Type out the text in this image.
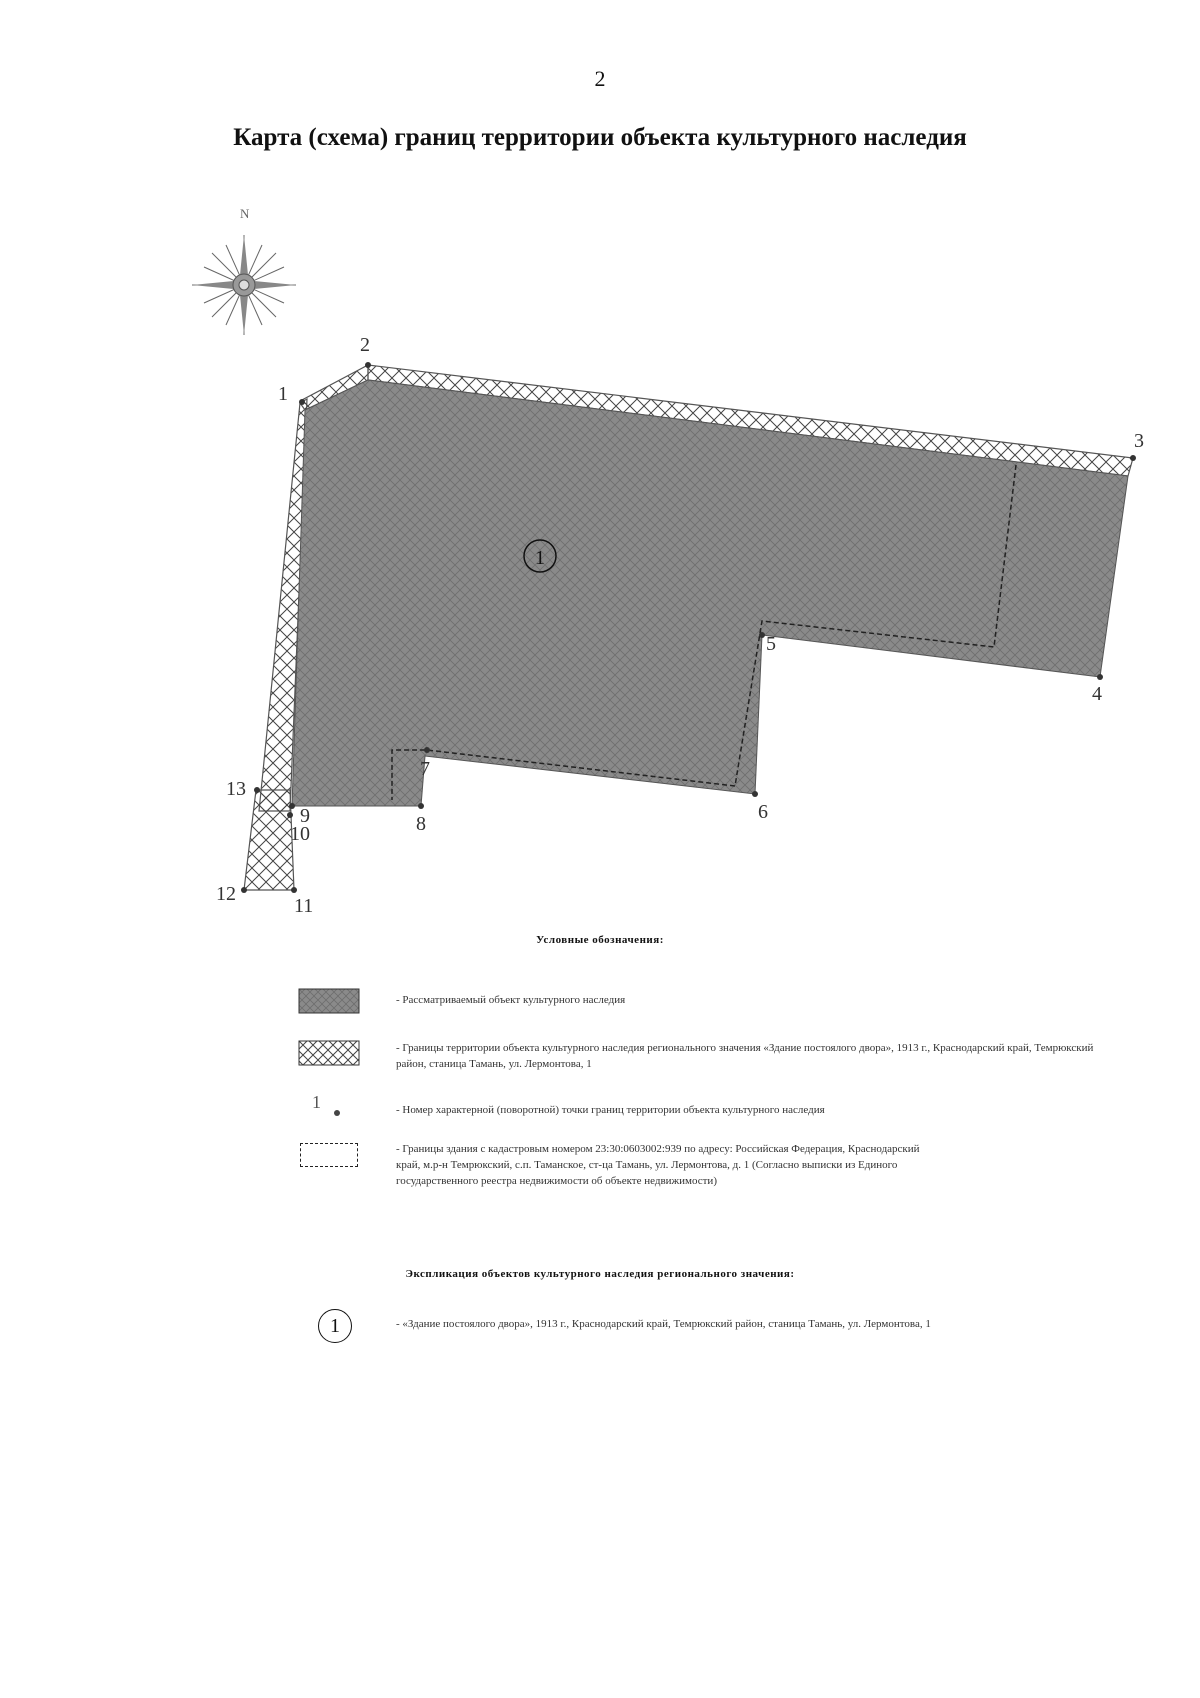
2
Карта (схема) границ территории объекта культурного наследия
N
1
1
2
3
4
5
6
7
8
9
10
11
12
13
Условные обозначения:
- Рассматриваемый объект культурного наследия
- Границы территории объекта культурного наследия регионального значения «Здание постоялого двора», 1913 г., Краснодарский край, Темрюкский район, станица Тамань, ул. Лермонтова, 1
1	- Номер характерной (поворотной) точки границ территории объекта культурного наследия
- Границы здания с кадастровым номером 23:30:0603002:939 по адресу: Российская Федерация, Краснодарский край, м.р-н Темрюкский, с.п. Таманское, ст-ца Тамань, ул. Лермонтова, д. 1 (Согласно выписки из Единого государственного реестра недвижимости об объекте недвижимости)
Экспликация объектов культурного наследия регионального значения:
1	- «Здание постоялого двора», 1913 г., Краснодарский край, Темрюкский район, станица Тамань, ул. Лермонтова, 1
